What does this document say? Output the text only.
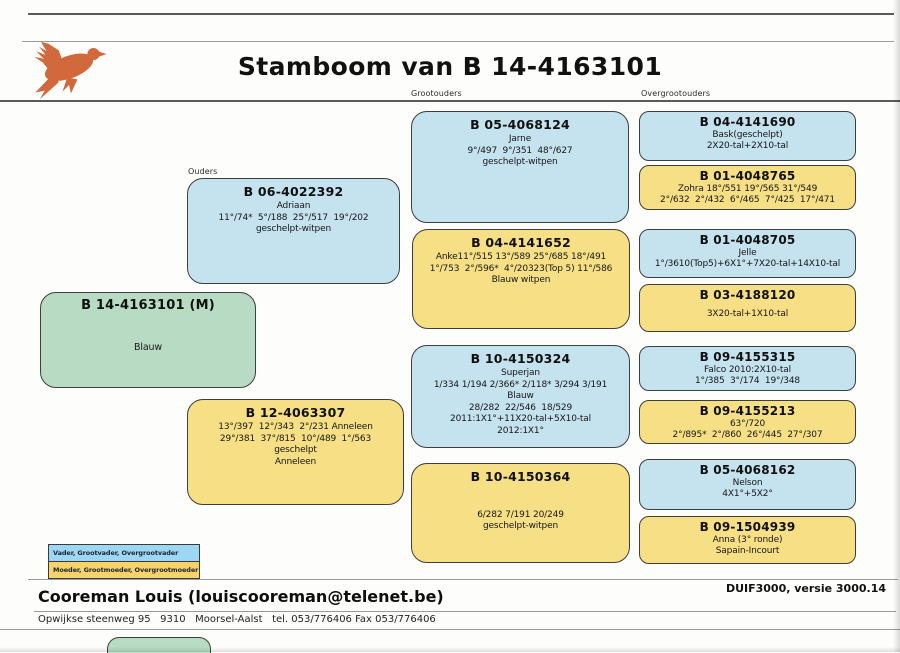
Stamboom van B 14-4163101
Ouders
Grootouders	Overgrootouders
B 14-4163101 (M)
Blauw
B 06-4022392
Adriaan
11°/74*  5°/188  25°/517  19°/202
geschelpt-witpen
B 12-4063307
13°/397  12°/343  2°/231 Anneleen
29°/381  37°/815  10°/489  1°/563
geschelpt
Anneleen
B 05-4068124
Jarne
9°/497  9°/351  48°/627
geschelpt-witpen
B 04-4141652
Anke11°/515 13°/589 25°/685 18°/491
1°/753  2°/596*  4°/20323(Top 5) 11°/586
Blauw witpen
B 10-4150324
Superjan
1/334 1/194 2/366* 2/118* 3/294 3/191
Blauw
28/282  22/546  18/529
2011:1X1°+11X20-tal+5X10-tal
2012:1X1°
B 10-4150364
6/282 7/191 20/249
geschelpt-witpen
B 04-4141690
Bask(geschelpt)
2X20-tal+2X10-tal
B 01-4048765
Zohra 18°/551 19°/565 31°/549
2°/632  2°/432  6°/465  7°/425  17°/471
B 01-4048705
Jelle
1°/3610(Top5)+6X1°+7X20-tal+14X10-tal
B 03-4188120
3X20-tal+1X10-tal
B 09-4155315
Falco 2010:2X10-tal
1°/385  3°/174  19°/348
B 09-4155213
63°/720
2°/895*  2°/860  26°/445  27°/307
B 05-4068162
Nelson
4X1°+5X2°
B 09-1504939
Anna (3° ronde)
Sapain-Incourt
Vader, Grootvader, Overgrootvader
Moeder, Grootmoeder, Overgrootmoeder
Cooreman Louis (louiscooreman@telenet.be)
Opwijkse steenweg 95   9310   Moorsel-Aalst   tel. 053/776406 Fax 053/776406
DUIF3000, versie 3000.14
